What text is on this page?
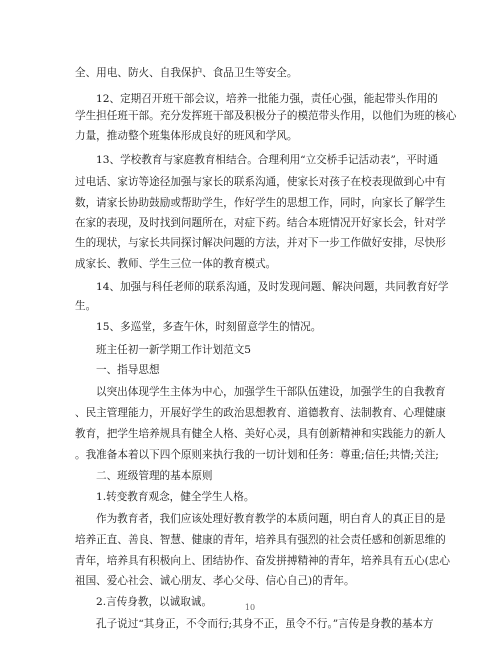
全、用电、防火、自我保护、食品卫生等安全。
12、定期召开班干部会议，培养一批能力强，责任心强，能起带头作用的
学生担任班干部。充分发挥班干部及积极分子的模范带头作用，以他们为班的核心
力量，推动整个班集体形成良好的班风和学风。
13、学校教育与家庭教育相结合。合理利用“立交桥手记活动表”，平时通
过电话、家访等途径加强与家长的联系沟通，使家长对孩子在校表现做到心中有
数，请家长协助鼓励或帮助学生，作好学生的思想工作，同时，向家长了解学生
在家的表现，及时找到问题所在，对症下药。结合本班情况开好家长会，针对学
生的现状，与家长共同探讨解决问题的方法，并对下一步工作做好安排，尽快形
成家长、教师、学生三位一体的教育模式。
14、加强与科任老师的联系沟通，及时发现问题、解决问题，共同教育好学
生。
15、多巡堂，多查午休，时刻留意学生的情况。
班主任初一新学期工作计划范文5
一、指导思想
以突出体现学生主体为中心，加强学生干部队伍建设，加强学生的自我教育
、民主管理能力，开展好学生的政治思想教育、道德教育、法制教育、心理健康
教育，把学生培养规具有健全人格、美好心灵，具有创新精神和实践能力的新人
。我准备本着以下四个原则来执行我的一切计划和任务：尊重;信任;共情;关注;
二、班级管理的基本原则
1.转变教育观念，健全学生人格。
作为教育者，我们应该处理好教育教学的本质问题，明白育人的真正目的是
培养正直、善良、智慧、健康的青年，培养具有强烈的社会责任感和创新思维的
青年，培养具有积极向上、团结协作、奋发拼搏精神的青年，培养具有五心(忠心
祖国、爱心社会、诚心朋友、孝心父母、信心自己)的青年。
2.言传身教，以诚取诚。
孔子说过“其身正，不令而行;其身不正，虽令不行。”言传是身教的基本方
10
